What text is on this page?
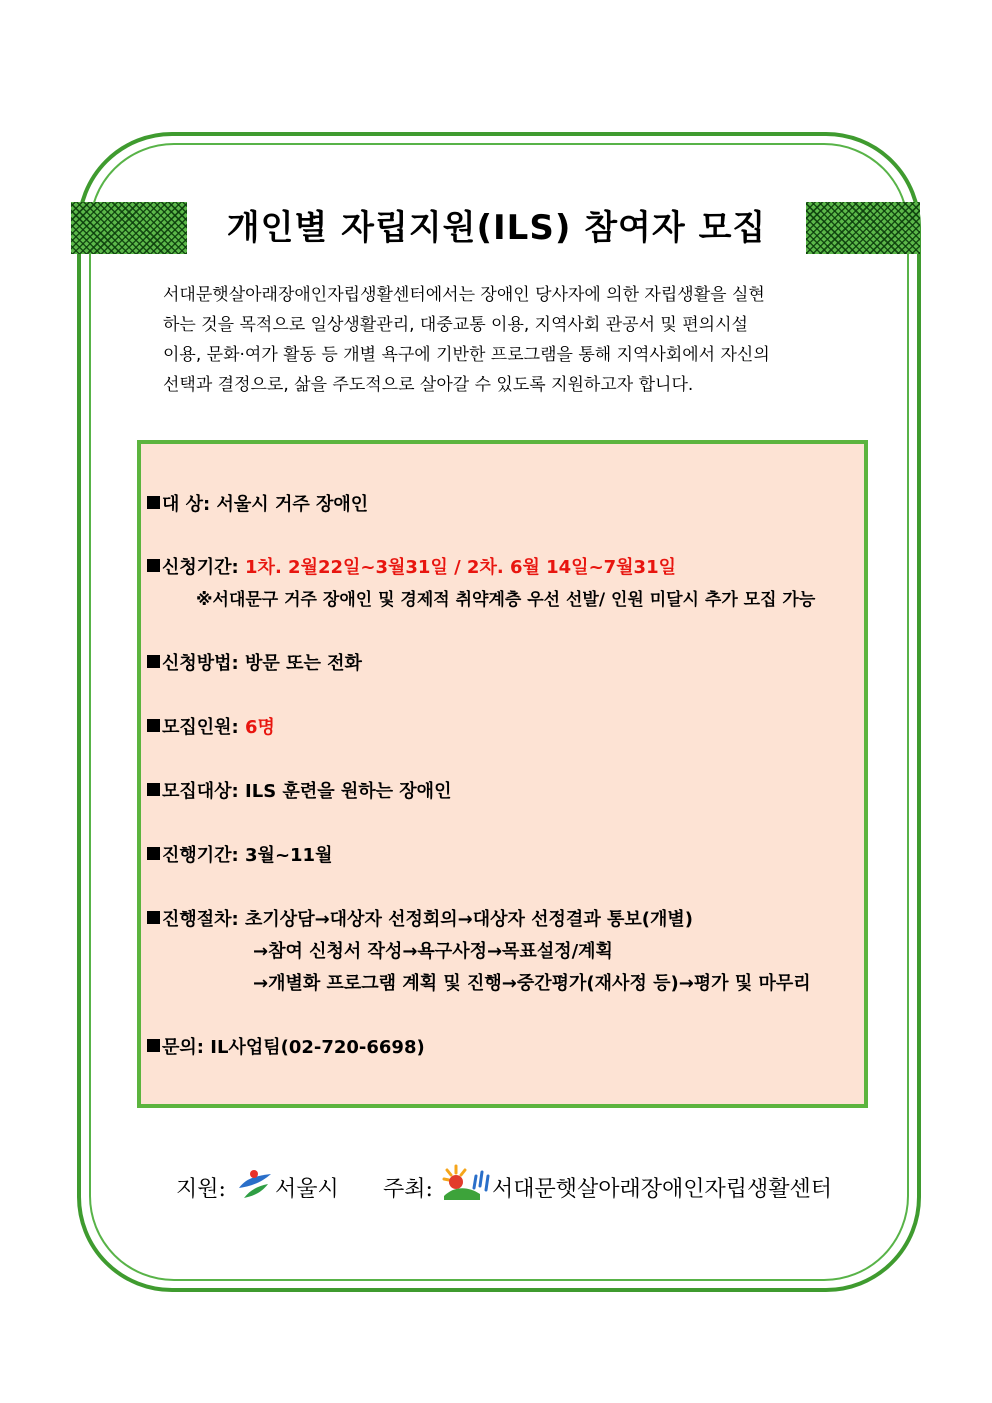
개인별 자립지원(ILS) 참여자 모집

서대문햇살아래장애인자립생활센터에서는 장애인 당사자에 의한 자립생활을 실현

하는 것을 목적으로 일상생활관리, 대중교통 이용, 지역사회 관공서 및 편의시설

이용, 문화·여가 활동 등 개별 욕구에 기반한 프로그램을 통해 지역사회에서 자신의

선택과 결정으로, 삶을 주도적으로 살아갈 수 있도록 지원하고자 합니다.

대 상: 서울시 거주 장애인
신청기간: 1차. 2월22일~3월31일 / 2차. 6월 14일~7월31일
※서대문구 거주 장애인 및 경제적 취약계층 우선 선발/ 인원 미달시 추가 모집 가능
신청방법: 방문 또는 전화
모집인원: 6명
모집대상: ILS 훈련을 원하는 장애인
진행기간: 3월~11월
진행절차: 초기상담→대상자 선정회의→대상자 선정결과 통보(개별)
→참여 신청서 작성→욕구사정→목표설정/계획
→개별화 프로그램 계획 및 진행→중간평가(재사정 등)→평가 및 마무리
문의: IL사업팀(02-720-6698)
지원: 서울시 주최:	서대문햇살아래장애인자립생활센터
